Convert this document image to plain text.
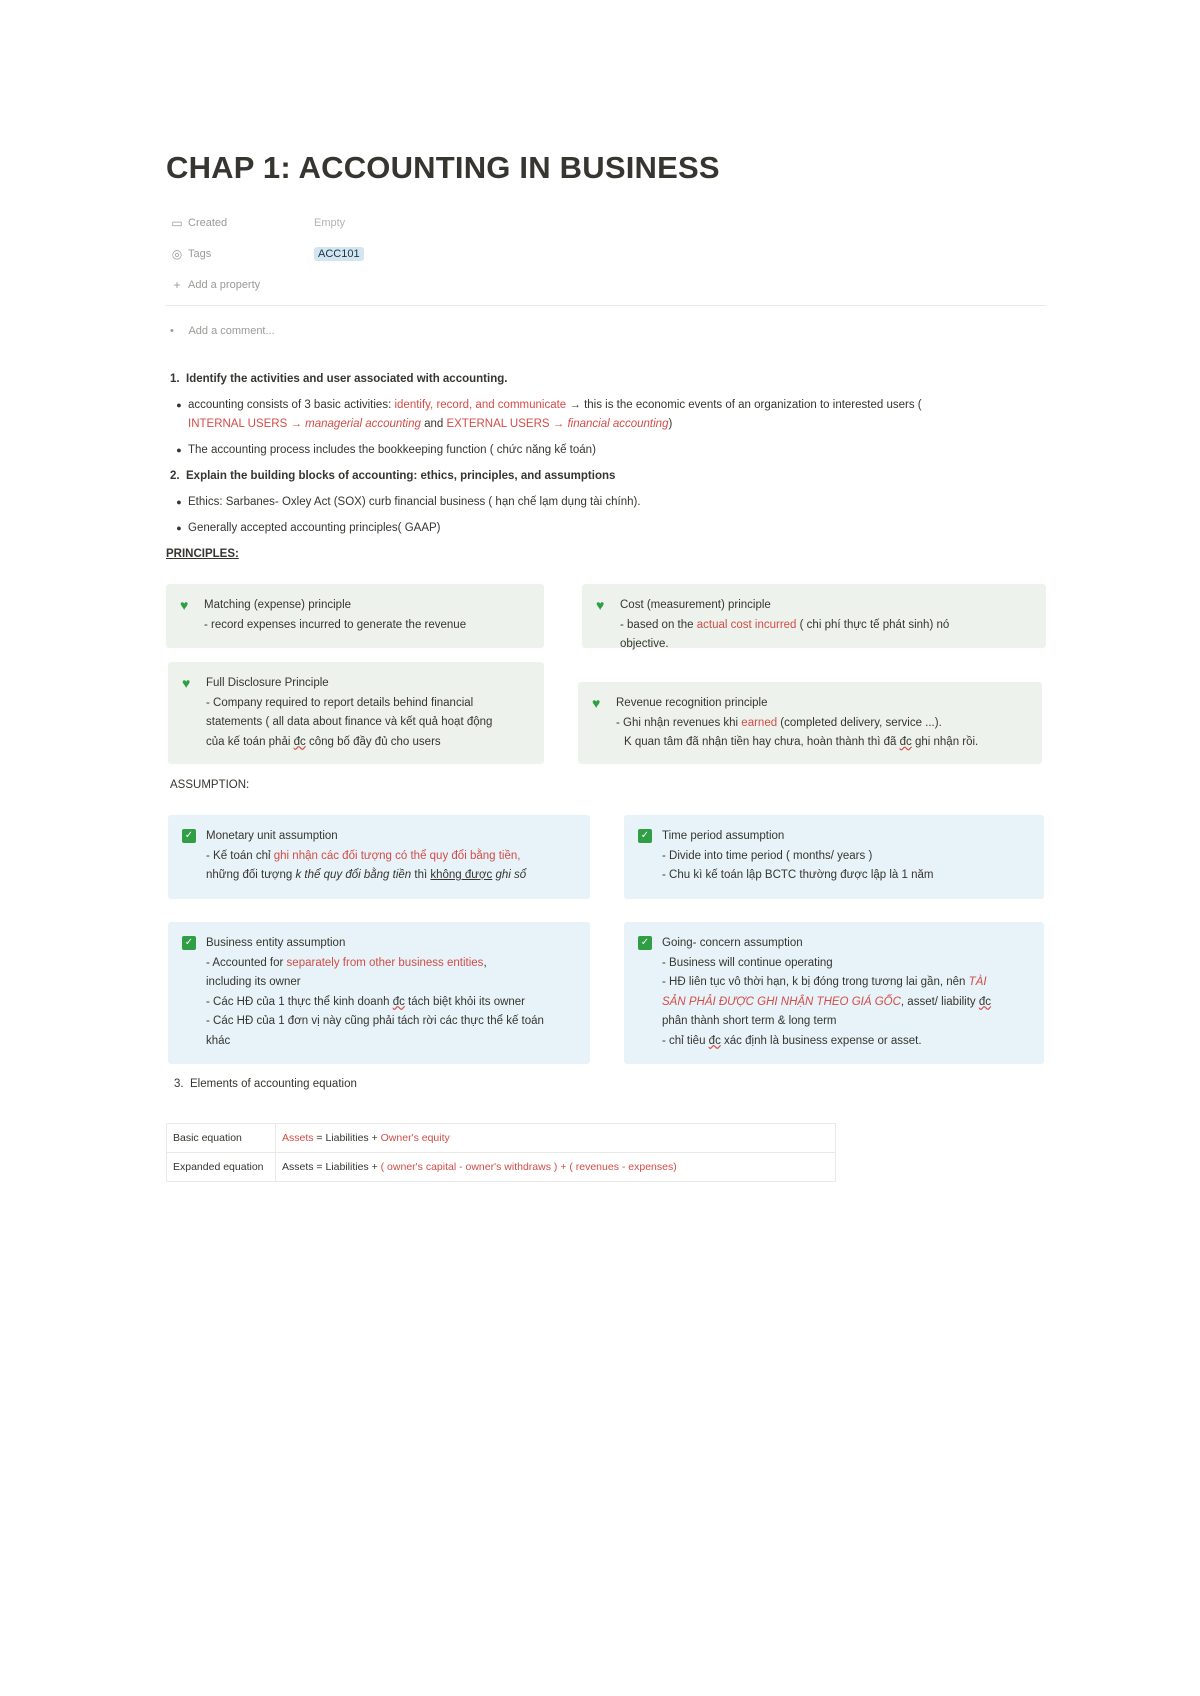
CHAP 1: ACCOUNTING IN BUSINESS
▭ Created	Empty
◎ Tags	ACC101
+ Add a property
• Add a comment...
1. Identify the activities and user associated with accounting.
● accounting consists of 3 basic activities: identify, record, and communicate → this is the economic events of an organization to interested users (
INTERNAL USERS → managerial accounting and EXTERNAL USERS → financial accounting)
● The accounting process includes the bookkeeping function ( chức năng kế toán)
2. Explain the building blocks of accounting: ethics, principles, and assumptions
● Ethics: Sarbanes- Oxley Act (SOX) curb financial business ( hạn chế lạm dụng tài chính).
● Generally accepted accounting principles( GAAP)
PRINCIPLES:
♥	Matching (expense) principle

- record expenses incurred to generate the revenue

♥	Cost (measurement) principle

- based on the actual cost incurred ( chi phí thực tế phát sinh) nó

objective.

♥	Full Disclosure Principle

- Company required to report details behind financial

statements ( all data about finance và kết quả hoạt động

của kế toán phải đc công bố đầy đủ cho users

♥	Revenue recognition principle

- Ghi nhận revenues khi earned (completed delivery, service ...).

K quan tâm đã nhận tiền hay chưa, hoàn thành thì đã đc ghi nhận rồi.

ASSUMPTION:
✓ Monetary unit assumption

- Kế toán chỉ ghi nhận các đối tượng có thể quy đổi bằng tiền,

những đối tượng k thể quy đổi bằng tiền thì không được ghi sổ

✓ Time period assumption

- Divide into time period ( months/ years )

- Chu kì kế toán lập BCTC thường được lập là 1 năm

✓ Business entity assumption

- Accounted for separately from other business entities,

including its owner

- Các HĐ của 1 thực thể kinh doanh đc tách biệt khỏi its owner

- Các HĐ của 1 đơn vị này cũng phải tách rời các thực thể kế toán

khác

✓ Going- concern assumption

- Business will continue operating

- HĐ liên tục vô thời hạn, k bị đóng trong tương lai gần, nên TÀI

SẢN PHẢI ĐƯỢC GHI NHẬN THEO GIÁ GỐC, asset/ liability đc

phân thành short term & long term

- chỉ tiêu đc xác định là business expense or asset.

3. Elements of accounting equation
Basic equation	Assets = Liabilities + Owner's equity
Expanded equation	Assets = Liabilities + ( owner's capital - owner's withdraws ) + ( revenues - expenses)
